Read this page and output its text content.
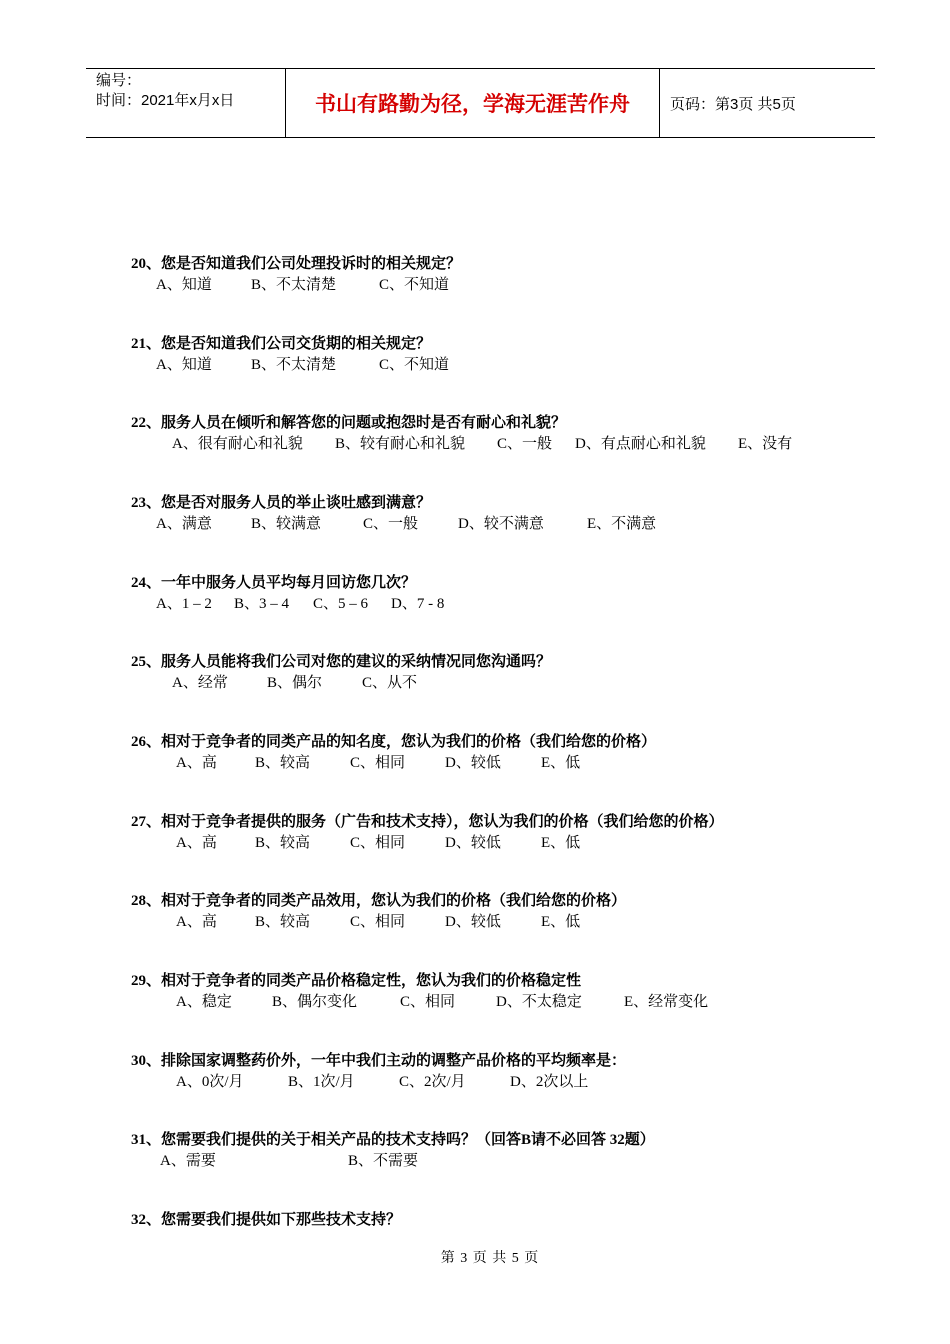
编号：
时间：2021年x月x日	书山有路勤为径，学海无涯苦作舟	页码：第3页 共5页
20、您是否知道我们公司处理投诉时的相关规定？
A、知道	B、不太清楚	C、不知道
21、您是否知道我们公司交货期的相关规定？
A、知道	B、不太清楚	C、不知道
22、服务人员在倾听和解答您的问题或抱怨时是否有耐心和礼貌？
A、很有耐心和礼貌	B、较有耐心和礼貌	C、一般	D、有点耐心和礼貌	E、没有
23、您是否对服务人员的举止谈吐感到满意？
A、满意	B、较满意	C、一般	D、较不满意	E、不满意
24、一年中服务人员平均每月回访您几次？
A、1 – 2	B、3 – 4	C、5 – 6	D、7 - 8
25、服务人员能将我们公司对您的建议的采纳情况同您沟通吗？
A、经常	B、偶尔	C、从不
26、相对于竞争者的同类产品的知名度，您认为我们的价格（我们给您的价格）
A、高	B、较高	C、相同	D、较低	E、低
27、相对于竞争者提供的服务（广告和技术支持），您认为我们的价格（我们给您的价格）
A、高	B、较高	C、相同	D、较低	E、低
28、相对于竞争者的同类产品效用，您认为我们的价格（我们给您的价格）
A、高	B、较高	C、相同	D、较低	E、低
29、相对于竞争者的同类产品价格稳定性，您认为我们的价格稳定性
A、稳定	B、偶尔变化	C、相同	D、不太稳定	E、经常变化
30、排除国家调整药价外，一年中我们主动的调整产品价格的平均频率是：
A、0次/月	B、1次/月	C、2次/月	D、2次以上
31、您需要我们提供的关于相关产品的技术支持吗？（回答B请不必回答 32题）
A、需要	B、不需要
32、您需要我们提供如下那些技术支持？
第 3 页 共 5 页
